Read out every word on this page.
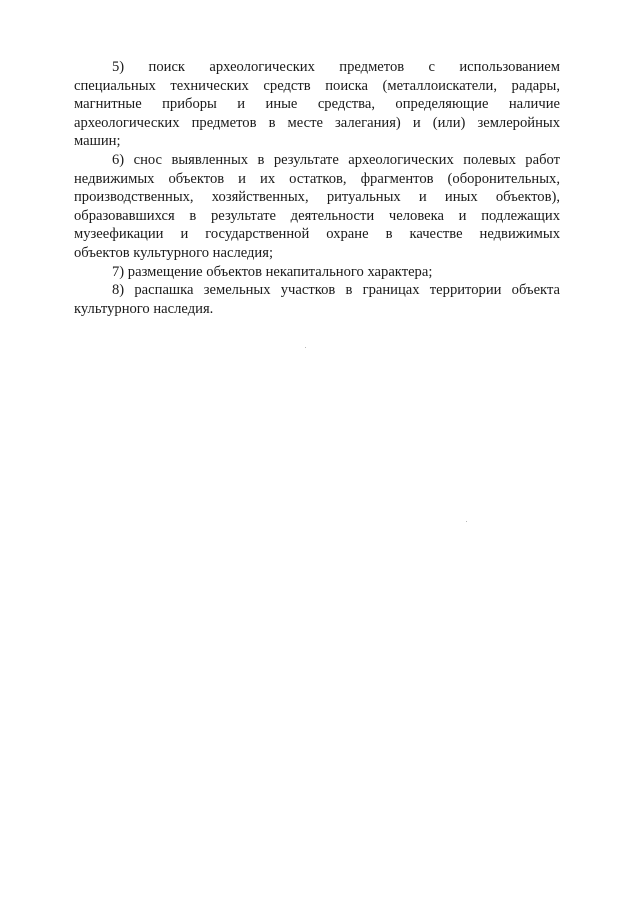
5) поиск археологических предметов с использованием
специальных технических средств поиска (металлоискатели, радары,
магнитные приборы и иные средства, определяющие наличие
археологических предметов в месте залегания) и (или) землеройных
машин;
6) снос выявленных в результате археологических полевых работ
недвижимых объектов и их остатков, фрагментов (оборонительных,
производственных, хозяйственных, ритуальных и иных объектов),
образовавшихся в результате деятельности человека и подлежащих
музеефикации и государственной охране в качестве недвижимых
объектов культурного наследия;
7) размещение объектов некапитального характера;
8) распашка земельных участков в границах территории объекта
культурного наследия.
